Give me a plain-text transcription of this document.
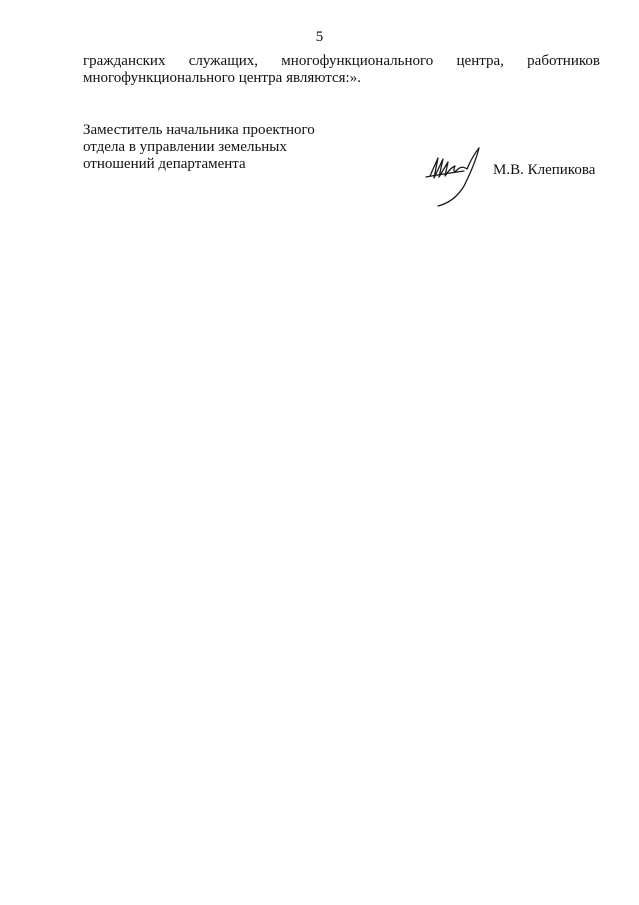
5
гражданских служащих, многофункционального центра, работников
многофункционального центра являются:».
Заместитель начальника проектного
отдела в управлении земельных
отношений департамента	М.В. Клепикова
